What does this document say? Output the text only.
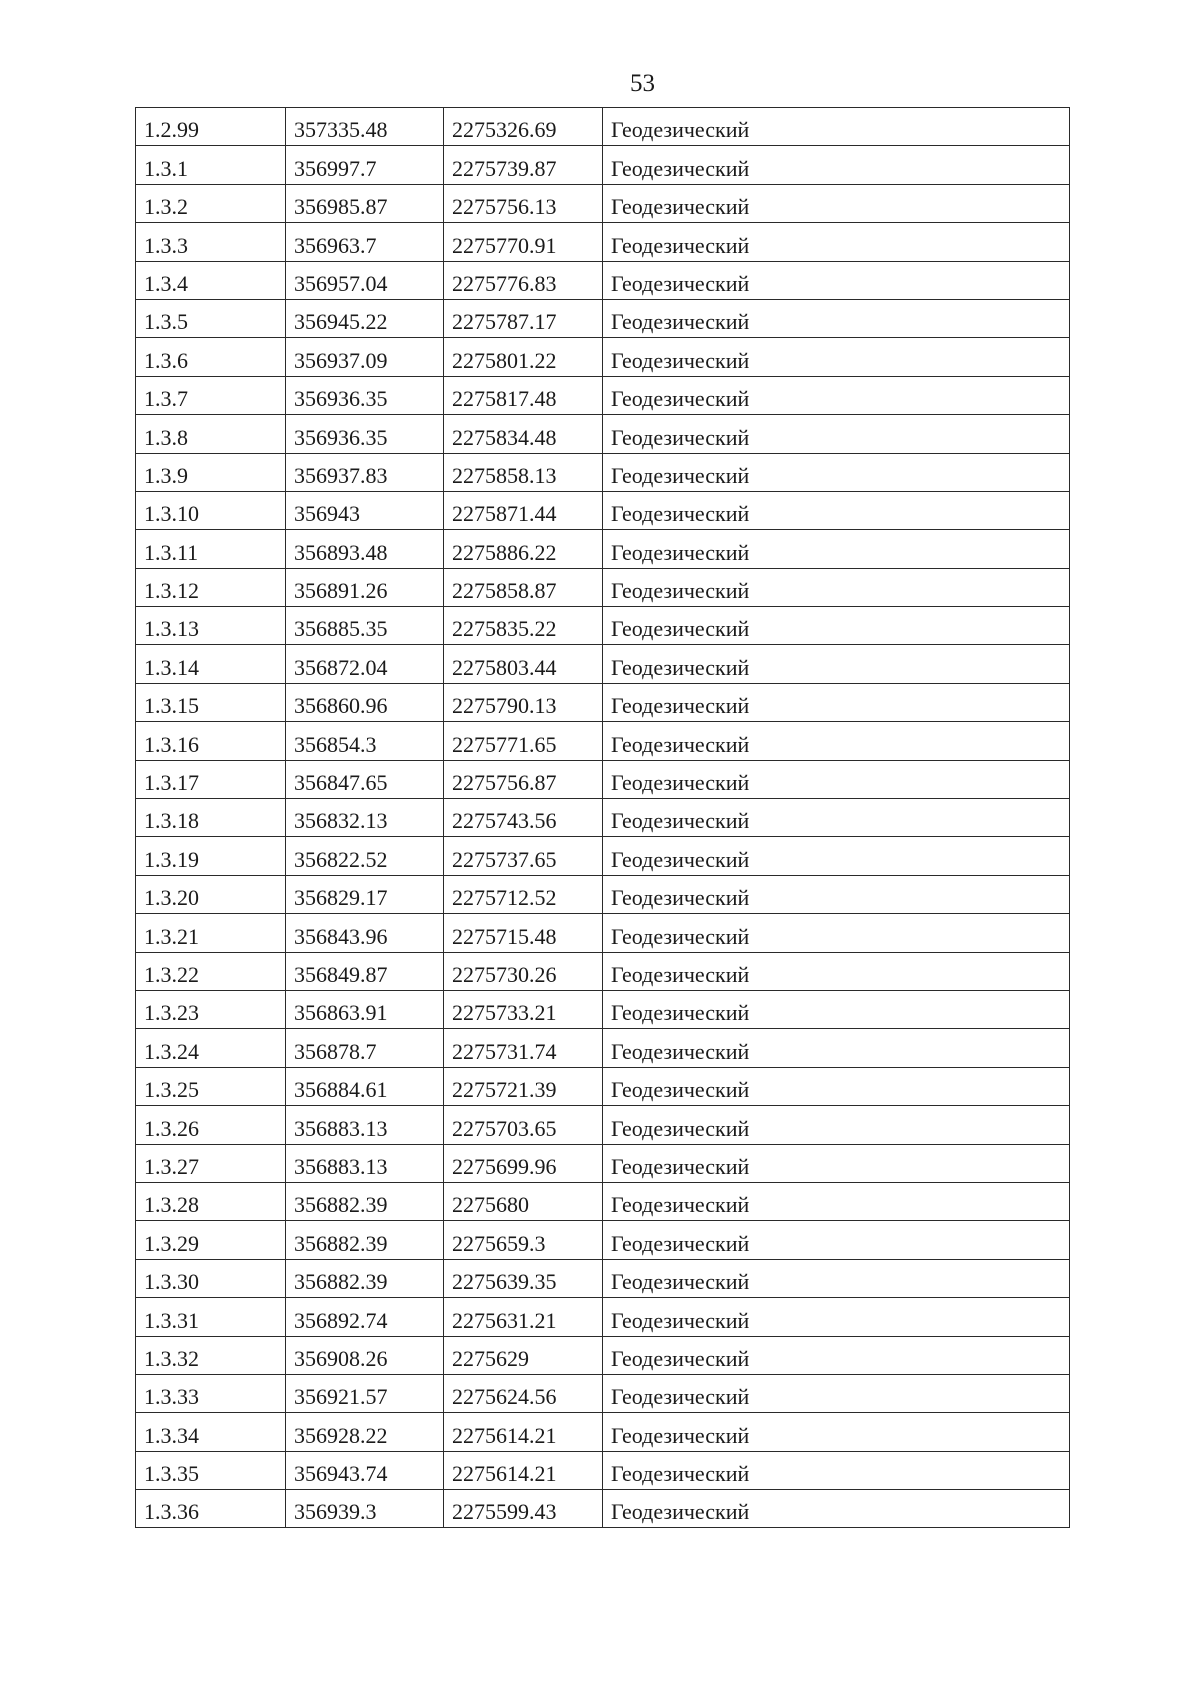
53
1.2.99	357335.48	2275326.69	Геодезический
1.3.1	356997.7	2275739.87	Геодезический
1.3.2	356985.87	2275756.13	Геодезический
1.3.3	356963.7	2275770.91	Геодезический
1.3.4	356957.04	2275776.83	Геодезический
1.3.5	356945.22	2275787.17	Геодезический
1.3.6	356937.09	2275801.22	Геодезический
1.3.7	356936.35	2275817.48	Геодезический
1.3.8	356936.35	2275834.48	Геодезический
1.3.9	356937.83	2275858.13	Геодезический
1.3.10	356943	2275871.44	Геодезический
1.3.11	356893.48	2275886.22	Геодезический
1.3.12	356891.26	2275858.87	Геодезический
1.3.13	356885.35	2275835.22	Геодезический
1.3.14	356872.04	2275803.44	Геодезический
1.3.15	356860.96	2275790.13	Геодезический
1.3.16	356854.3	2275771.65	Геодезический
1.3.17	356847.65	2275756.87	Геодезический
1.3.18	356832.13	2275743.56	Геодезический
1.3.19	356822.52	2275737.65	Геодезический
1.3.20	356829.17	2275712.52	Геодезический
1.3.21	356843.96	2275715.48	Геодезический
1.3.22	356849.87	2275730.26	Геодезический
1.3.23	356863.91	2275733.21	Геодезический
1.3.24	356878.7	2275731.74	Геодезический
1.3.25	356884.61	2275721.39	Геодезический
1.3.26	356883.13	2275703.65	Геодезический
1.3.27	356883.13	2275699.96	Геодезический
1.3.28	356882.39	2275680	Геодезический
1.3.29	356882.39	2275659.3	Геодезический
1.3.30	356882.39	2275639.35	Геодезический
1.3.31	356892.74	2275631.21	Геодезический
1.3.32	356908.26	2275629	Геодезический
1.3.33	356921.57	2275624.56	Геодезический
1.3.34	356928.22	2275614.21	Геодезический
1.3.35	356943.74	2275614.21	Геодезический
1.3.36	356939.3	2275599.43	Геодезический
